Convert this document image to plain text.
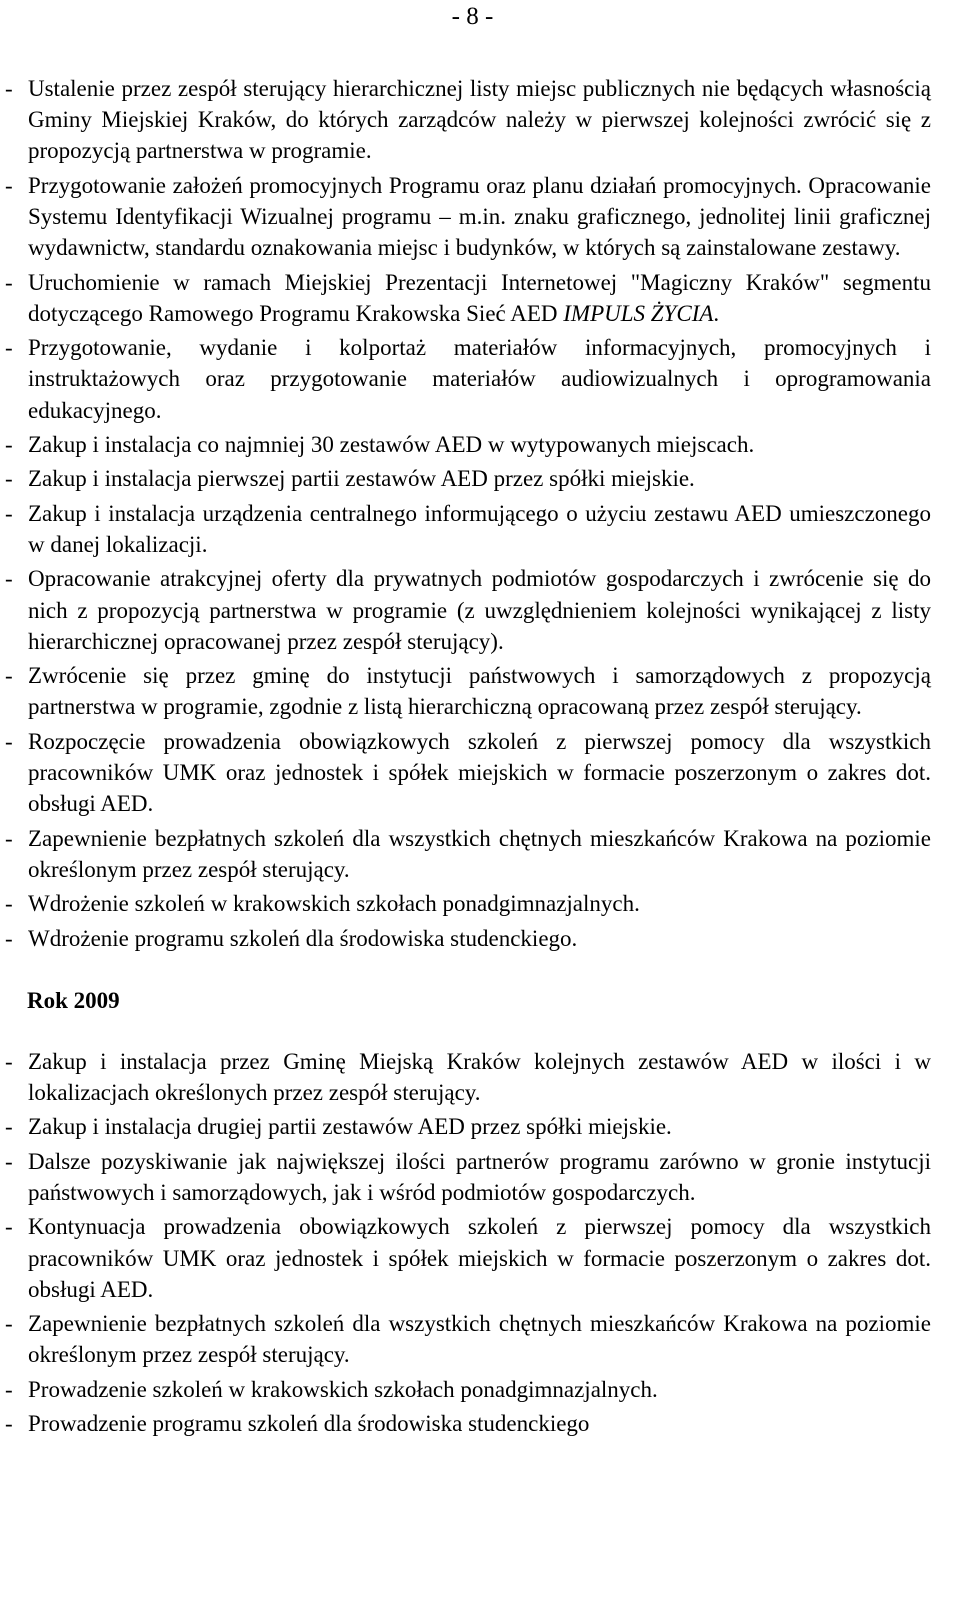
- 8 -
- Ustalenie przez zespół sterujący hierarchicznej listy miejsc publicznych nie będących własnością Gminy Miejskiej Kraków, do których zarządców należy w pierwszej kolejności zwrócić się z propozycją partnerstwa w programie.
- Przygotowanie założeń promocyjnych Programu oraz planu działań promocyjnych. Opracowanie Systemu Identyfikacji Wizualnej programu – m.in. znaku graficznego, jednolitej linii graficznej wydawnictw, standardu oznakowania miejsc i budynków, w których są zainstalowane zestawy.
- Uruchomienie w ramach Miejskiej Prezentacji Internetowej "Magiczny Kraków" segmentu dotyczącego Ramowego Programu Krakowska Sieć AED IMPULS ŻYCIA.
- Przygotowanie, wydanie i kolportaż materiałów informacyjnych, promocyjnych i instruktażowych oraz przygotowanie materiałów audiowizualnych i oprogramowania edukacyjnego.
- Zakup i instalacja co najmniej 30 zestawów AED w wytypowanych miejscach.
- Zakup i instalacja pierwszej partii zestawów AED przez spółki miejskie.
- Zakup i instalacja urządzenia centralnego informującego o użyciu zestawu AED umieszczonego w danej lokalizacji.
- Opracowanie atrakcyjnej oferty dla prywatnych podmiotów gospodarczych i zwrócenie się do nich z propozycją partnerstwa w programie (z uwzględnieniem kolejności wynikającej z listy hierarchicznej opracowanej przez zespół sterujący).
- Zwrócenie się przez gminę do instytucji państwowych i samorządowych z propozycją partnerstwa w programie, zgodnie z listą hierarchiczną opracowaną przez zespół sterujący.
- Rozpoczęcie prowadzenia obowiązkowych szkoleń z pierwszej pomocy dla wszystkich pracowników UMK oraz jednostek i spółek miejskich w formacie poszerzonym o zakres dot. obsługi AED.
- Zapewnienie bezpłatnych szkoleń dla wszystkich chętnych mieszkańców Krakowa na poziomie określonym przez zespół sterujący.
- Wdrożenie szkoleń w krakowskich szkołach ponadgimnazjalnych.
- Wdrożenie programu szkoleń dla środowiska studenckiego.
Rok 2009
- Zakup i instalacja przez Gminę Miejską Kraków kolejnych zestawów AED w ilości i w lokalizacjach określonych przez zespół sterujący.
- Zakup i instalacja drugiej partii zestawów AED przez spółki miejskie.
- Dalsze pozyskiwanie jak największej ilości partnerów programu zarówno w gronie instytucji państwowych i samorządowych, jak i wśród podmiotów gospodarczych.
- Kontynuacja prowadzenia obowiązkowych szkoleń z pierwszej pomocy dla wszystkich pracowników UMK oraz jednostek i spółek miejskich w formacie poszerzonym o zakres dot. obsługi AED.
- Zapewnienie bezpłatnych szkoleń dla wszystkich chętnych mieszkańców Krakowa na poziomie określonym przez zespół sterujący.
- Prowadzenie szkoleń w krakowskich szkołach ponadgimnazjalnych.
- Prowadzenie programu szkoleń dla środowiska studenckiego
